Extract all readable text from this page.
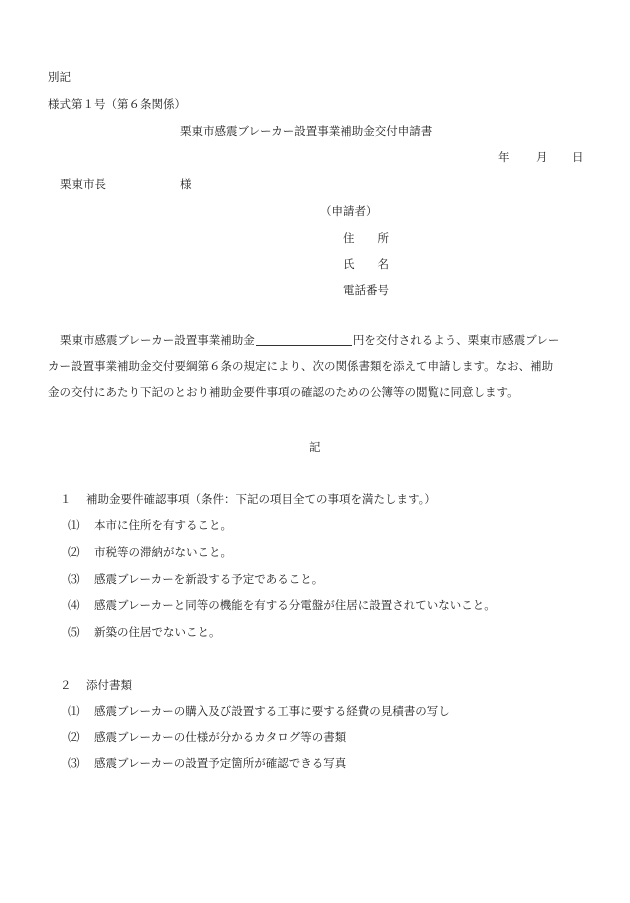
別記
様式第１号（第６条関係）
栗東市感震ブレーカー設置事業補助金交付申請書
年 月 日
栗東市長	様
（申請者）
住　　所
氏　　名
電話番号
栗東市感震ブレーカー設置事業補助金	円を交付されるよう、栗東市感震ブレー
カー設置事業補助金交付要綱第６条の規定により、次の関係書類を添えて申請します。なお、補助
金の交付にあたり下記のとおり補助金要件事項の確認のための公簿等の閲覧に同意します。
記
１ 補助金要件確認事項（条件：下記の項目全ての事項を満たします。）
⑴ 本市に住所を有すること。
⑵ 市税等の滞納がないこと。
⑶ 感震ブレーカーを新設する予定であること。
⑷ 感震ブレーカーと同等の機能を有する分電盤が住居に設置されていないこと。
⑸ 新築の住居でないこと。
２ 添付書類
⑴ 感震ブレーカーの購入及び設置する工事に要する経費の見積書の写し
⑵ 感震ブレーカーの仕様が分かるカタログ等の書類
⑶ 感震ブレーカーの設置予定箇所が確認できる写真
